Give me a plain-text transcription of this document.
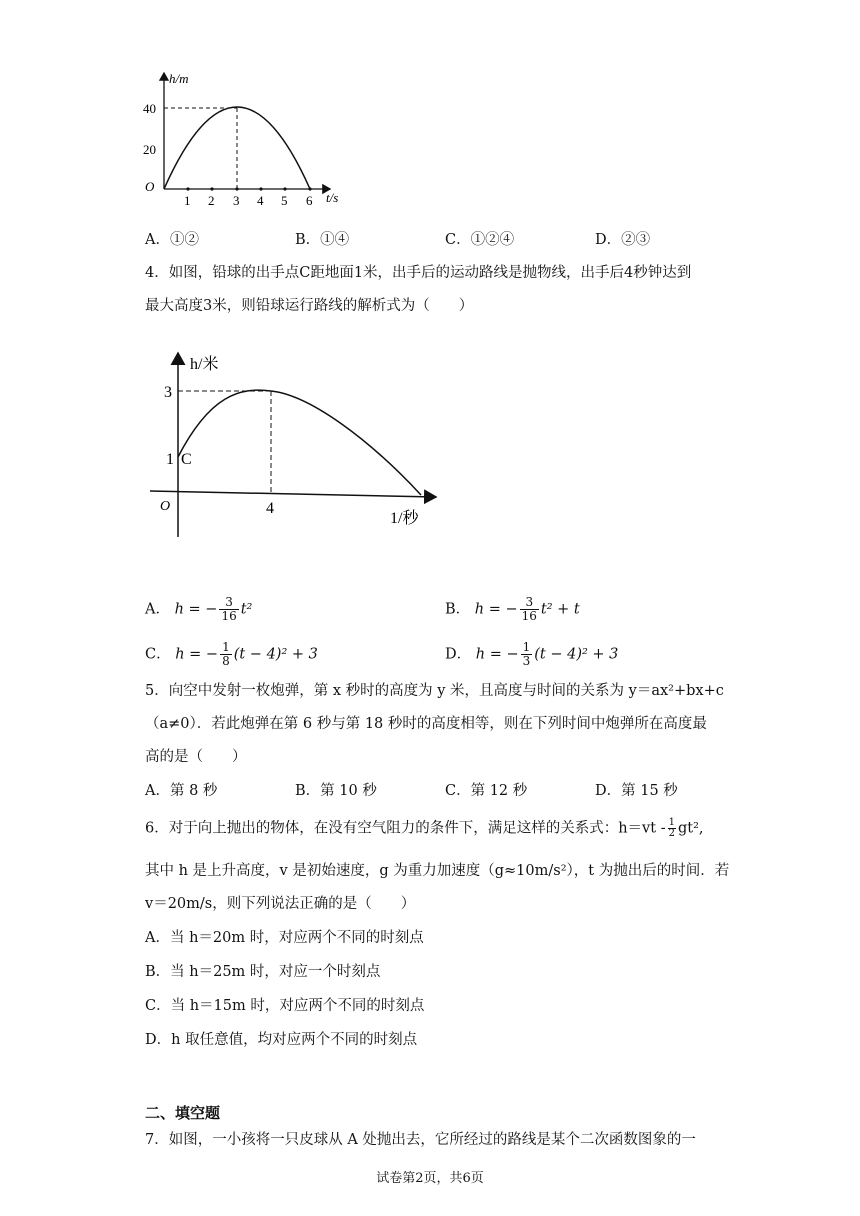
h/m
t/s
O
40
20
1 2 3 4 5 6
A．①②	B．①④	C．①②④	D．②③
4．如图，铅球的出手点C距地面1米，出手后的运动路线是抛物线，出手后4秒钟达到
最大高度3米，则铅球运行路线的解析式为（　　）
h/米
1/秒
O
3
1 C
4
A． h = − $\frac{3}{16} t^2$	B． h = − $\frac{3}{16} t^2 + t$
C． h = − $\frac{1}{8} (t - 4)^2 + 3$	D． h = − $\frac{1}{3} (t - 4)^2 + 3$
5．向空中发射一枚炮弹，第 x 秒时的高度为 y 米，且高度与时间的关系为 y＝ax²+bx+c
（a≠0）．若此炮弹在第 6 秒与第 18 秒时的高度相等，则在下列时间中炮弹所在高度最
高的是（　　）
A．第 8 秒	B．第 10 秒	C．第 12 秒	D．第 15 秒
6．对于向上抛出的物体，在没有空气阻力的条件下，满足这样的关系式：$h=vt - \frac{1}{2} gt^2$,
其中 h 是上升高度，v 是初始速度，g 为重力加速度（g≈10m/s²），t 为抛出后的时间．若
v＝20m/s，则下列说法正确的是（　　）
A．当 h＝20m 时，对应两个不同的时刻点
B．当 h＝25m 时，对应一个时刻点
C．当 h＝15m 时，对应两个不同的时刻点
D．h 取任意值，均对应两个不同的时刻点
二、填空题
7．如图，一小孩将一只皮球从 A 处抛出去，它所经过的路线是某个二次函数图象的一
试卷第2页，共6页
